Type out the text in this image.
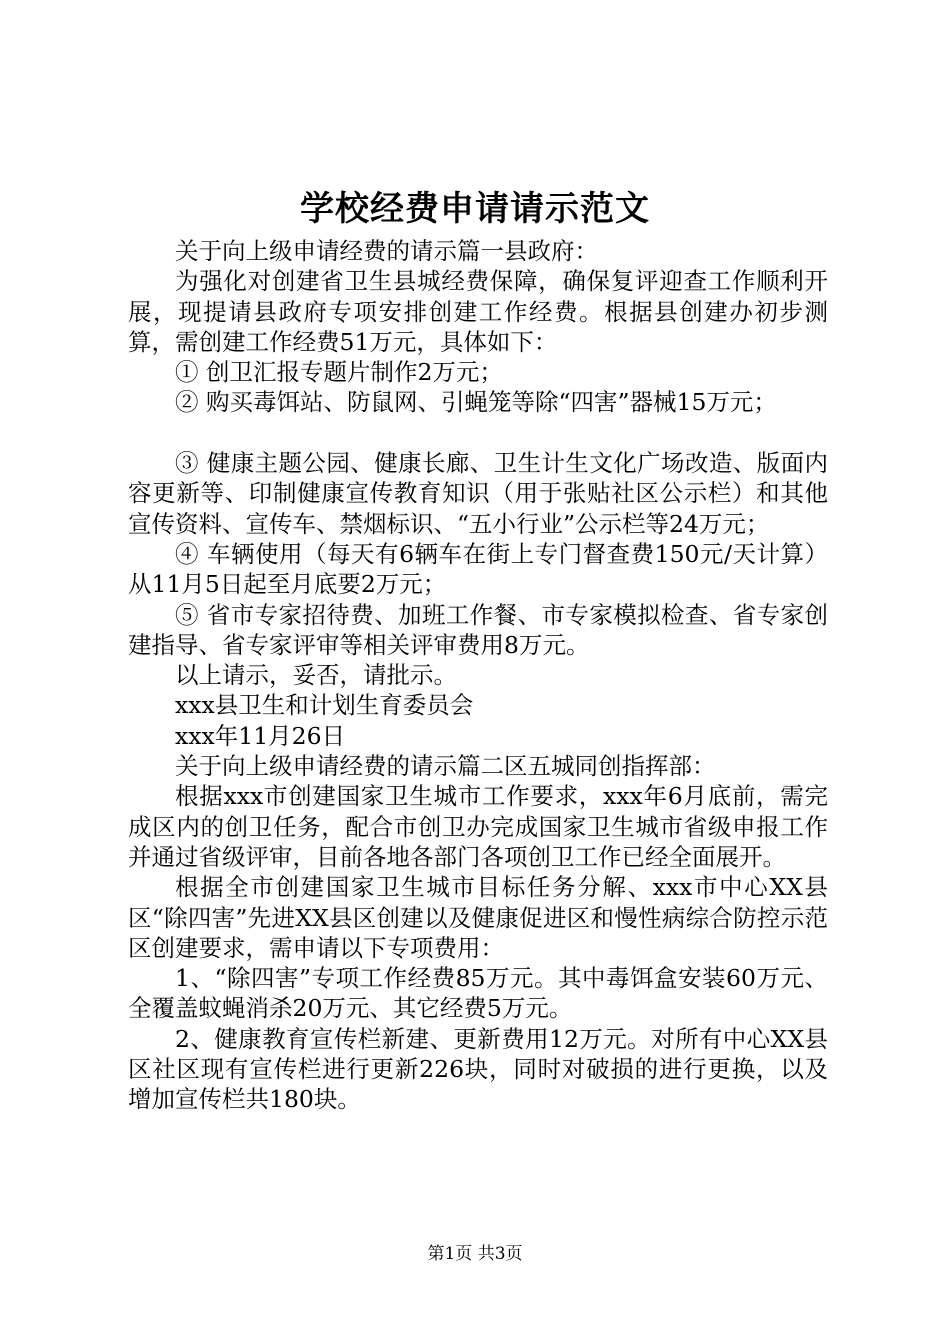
学校经费申请请示范文

关于向上级申请经费的请示篇一县政府：

为强化对创建省卫生县城经费保障，确保复评迎查工作顺利开展，现提请县政府专项安排创建工作经费。根据县创建办初步测算，需创建工作经费51万元，具体如下：

① 创卫汇报专题片制作2万元；

② 购买毒饵站、防鼠网、引蝇笼等除“四害”器械15万元；

③ 健康主题公园、健康长廊、卫生计生文化广场改造、版面内容更新等、印制健康宣传教育知识（用于张贴社区公示栏）和其他宣传资料、宣传车、禁烟标识、“五小行业”公示栏等24万元；

④ 车辆使用（每天有6辆车在街上专门督查费150元/天计算）从11月5日起至月底要2万元；

⑤ 省市专家招待费、加班工作餐、市专家模拟检查、省专家创建指导、省专家评审等相关评审费用8万元。

以上请示，妥否，请批示。

xxx县卫生和计划生育委员会

xxx年11月26日

关于向上级申请经费的请示篇二区五城同创指挥部：

根据xxx市创建国家卫生城市工作要求，xxx年6月底前，需完成区内的创卫任务，配合市创卫办完成国家卫生城市省级申报工作并通过省级评审，目前各地各部门各项创卫工作已经全面展开。

根据全市创建国家卫生城市目标任务分解、xxx市中心XX县区“除四害”先进XX县区创建以及健康促进区和慢性病综合防控示范区创建要求，需申请以下专项费用：

1、“除四害”专项工作经费85万元。其中毒饵盒安装60万元、全覆盖蚊蝇消杀20万元、其它经费5万元。

2、健康教育宣传栏新建、更新费用12万元。对所有中心XX县区社区现有宣传栏进行更新226块，同时对破损的进行更换，以及增加宣传栏共180块。

第1页 共3页
